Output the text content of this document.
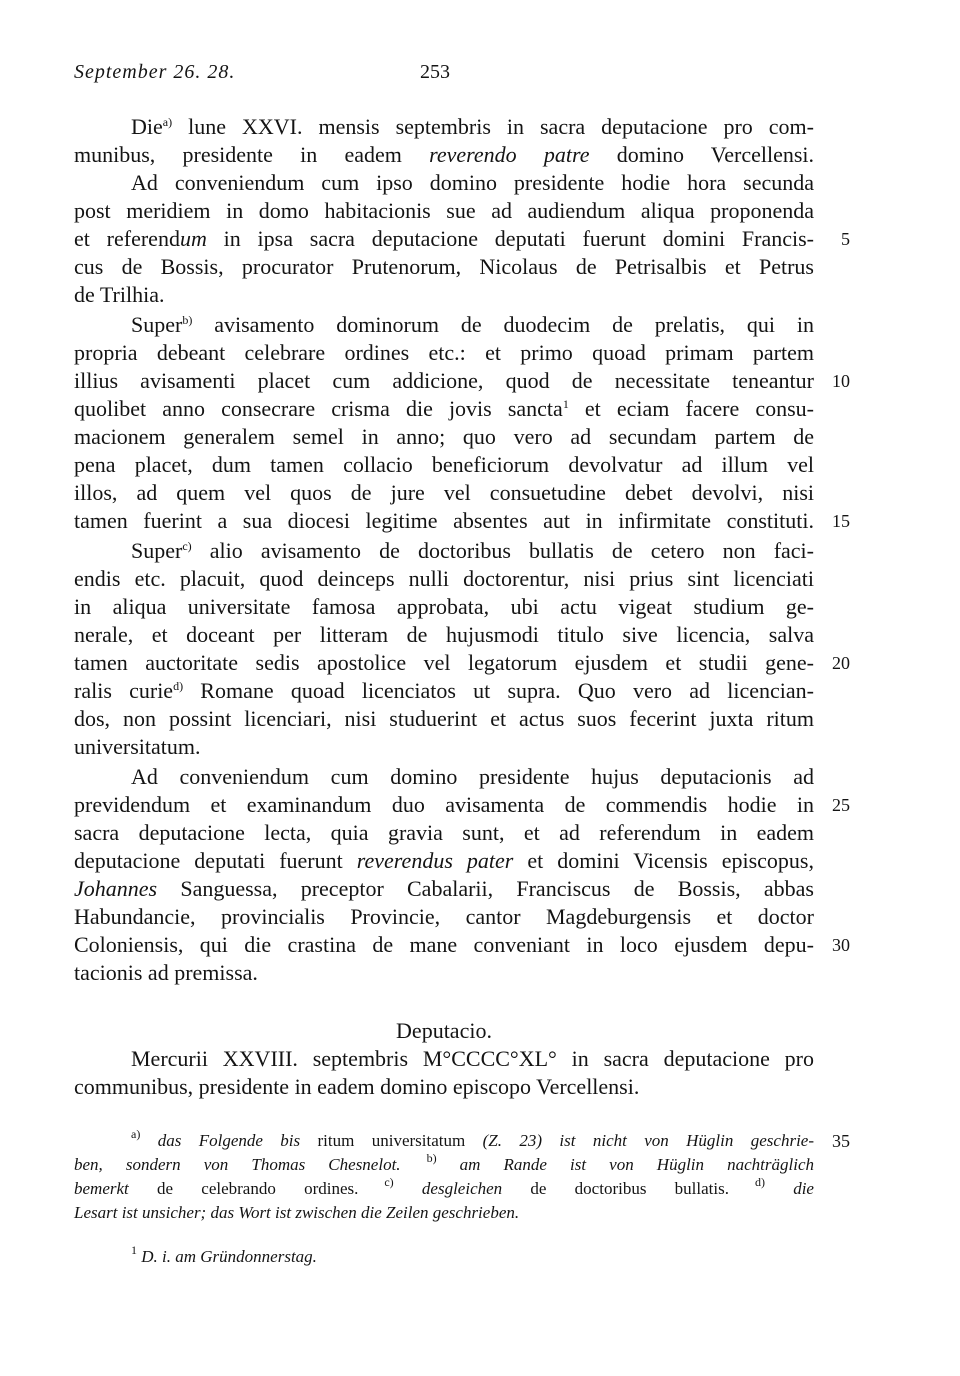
September 26. 28.	253
Die$^{a)}$ lune XXVI. mensis septembris in sacra deputacione pro com-
munibus, presidente in eadem reverendo patre domino Vercellensi.
Ad conveniendum cum ipso domino presidente hodie hora secunda
post meridiem in domo habitacionis sue ad audiendum aliqua proponenda
et referendum in ipsa sacra deputacione deputati fuerunt domini Francis-
cus de Bossis, procurator Prutenorum, Nicolaus de Petrisalbis et Petrus
de Trilhia.
Super$^{b)}$ avisamento dominorum de duodecim de prelatis, qui in
propria debeant celebrare ordines etc.: et primo quoad primam partem
illius avisamenti placet cum addicione, quod de necessitate teneantur
quolibet anno consecrare crisma die jovis sancta$^1$ et eciam facere consu-
macionem generalem semel in anno; quo vero ad secundam partem de
pena placet, dum tamen collacio beneficiorum devolvatur ad illum vel
illos, ad quem vel quos de jure vel consuetudine debet devolvi, nisi
tamen fuerint a sua diocesi legitime absentes aut in infirmitate constituti.
Super$^{c)}$ alio avisamento de doctoribus bullatis de cetero non faci-
endis etc. placuit, quod deinceps nulli doctorentur, nisi prius sint licenciati
in aliqua universitate famosa approbata, ubi actu vigeat studium ge-
nerale, et doceant per litteram de hujusmodi titulo sive licencia, salva
tamen auctoritate sedis apostolice vel legatorum ejusdem et studii gene-
ralis curie$^{d)}$ Romane quoad licenciatos ut supra. Quo vero ad licencian-
dos, non possint licenciari, nisi studuerint et actus suos fecerint juxta ritum
universitatum.
Ad conveniendum cum domino presidente hujus deputacionis ad
previdendum et examinandum duo avisamenta de commendis hodie in
sacra deputacione lecta, quia gravia sunt, et ad referendum in eadem
deputacione deputati fuerunt reverendus pater et domini Vicensis episcopus,
Johannes Sanguessa, preceptor Cabalarii, Franciscus de Bossis, abbas
Habundancie, provincialis Provincie, cantor Magdeburgensis et doctor
Coloniensis, qui die crastina de mane conveniant in loco ejusdem depu-
tacionis ad premissa.
Deputacio.
Mercurii XXVIII. septembris M°CCCC°XL° in sacra deputacione pro
communibus, presidente in eadem domino episcopo Vercellensi.
5
10
15
20
25
30
35
$^{a)}$ das Folgende bis ritum universitatum (Z. 23) ist nicht von Hüglin geschrie-
ben, sondern von Thomas Chesnelot. $^{b)}$ am Rande ist von Hüglin nachträglich
bemerkt de celebrando ordines. $^{c)}$ desgleichen de doctoribus bullatis. $^{d)}$ die
Lesart ist unsicher; das Wort ist zwischen die Zeilen geschrieben.
$^1$ D. i. am Gründonnerstag.
